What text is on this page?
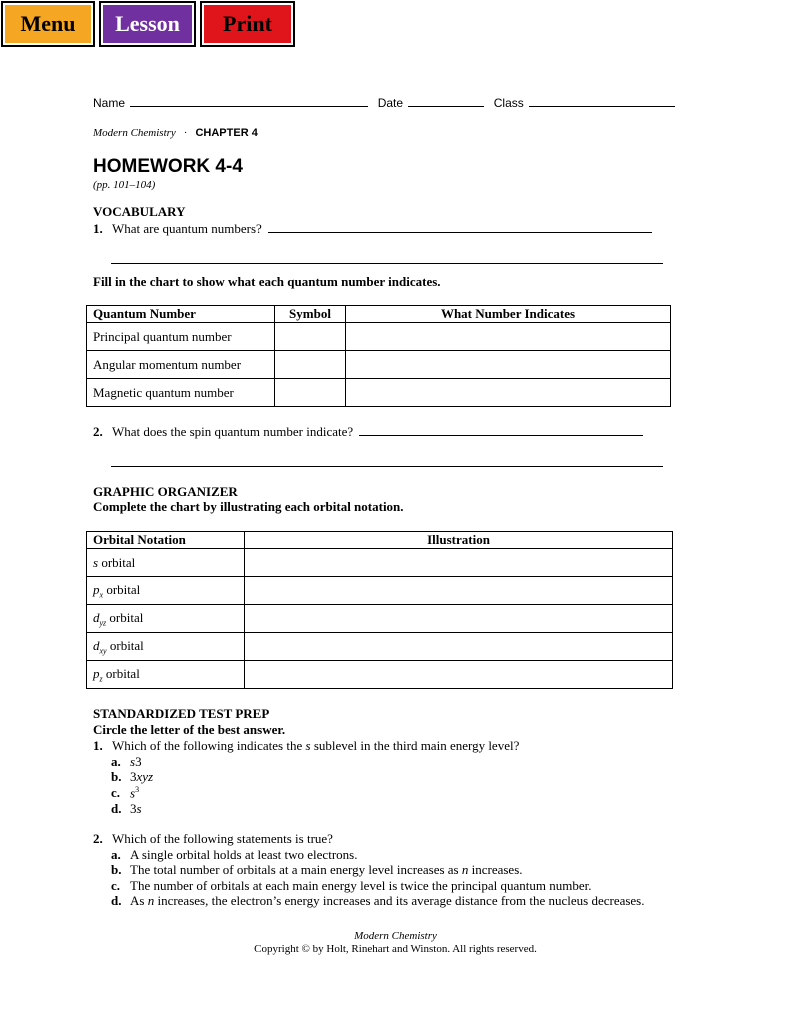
Menu	Lesson	Print
Name	Date	Class
Modern Chemistry · CHAPTER 4
HOMEWORK 4-4
(pp. 101–104)
VOCABULARY
1. What are quantum numbers?
Fill in the chart to show what each quantum number indicates.
Quantum Number	Symbol	What Number Indicates
Principal quantum number		
Angular momentum number		
Magnetic quantum number		
2. What does the spin quantum number indicate?
GRAPHIC ORGANIZER
Complete the chart by illustrating each orbital notation.
Orbital Notation	Illustration
s orbital	
$p_x$ orbital	
$d_{yz}$ orbital	
$d_{xy}$ orbital	
$p_z$ orbital	
STANDARDIZED TEST PREP
Circle the letter of the best answer.
1. Which of the following indicates the s sublevel in the third main energy level?
a. s3
b. 3xyz
c. $s^3$
d. 3s
2. Which of the following statements is true?
a. A single orbital holds at least two electrons.
b. The total number of orbitals at a main energy level increases as n increases.
c. The number of orbitals at each main energy level is twice the principal quantum number.
d. As n increases, the electron’s energy increases and its average distance from the nucleus decreases.
Modern Chemistry
Copyright © by Holt, Rinehart and Winston. All rights reserved.
